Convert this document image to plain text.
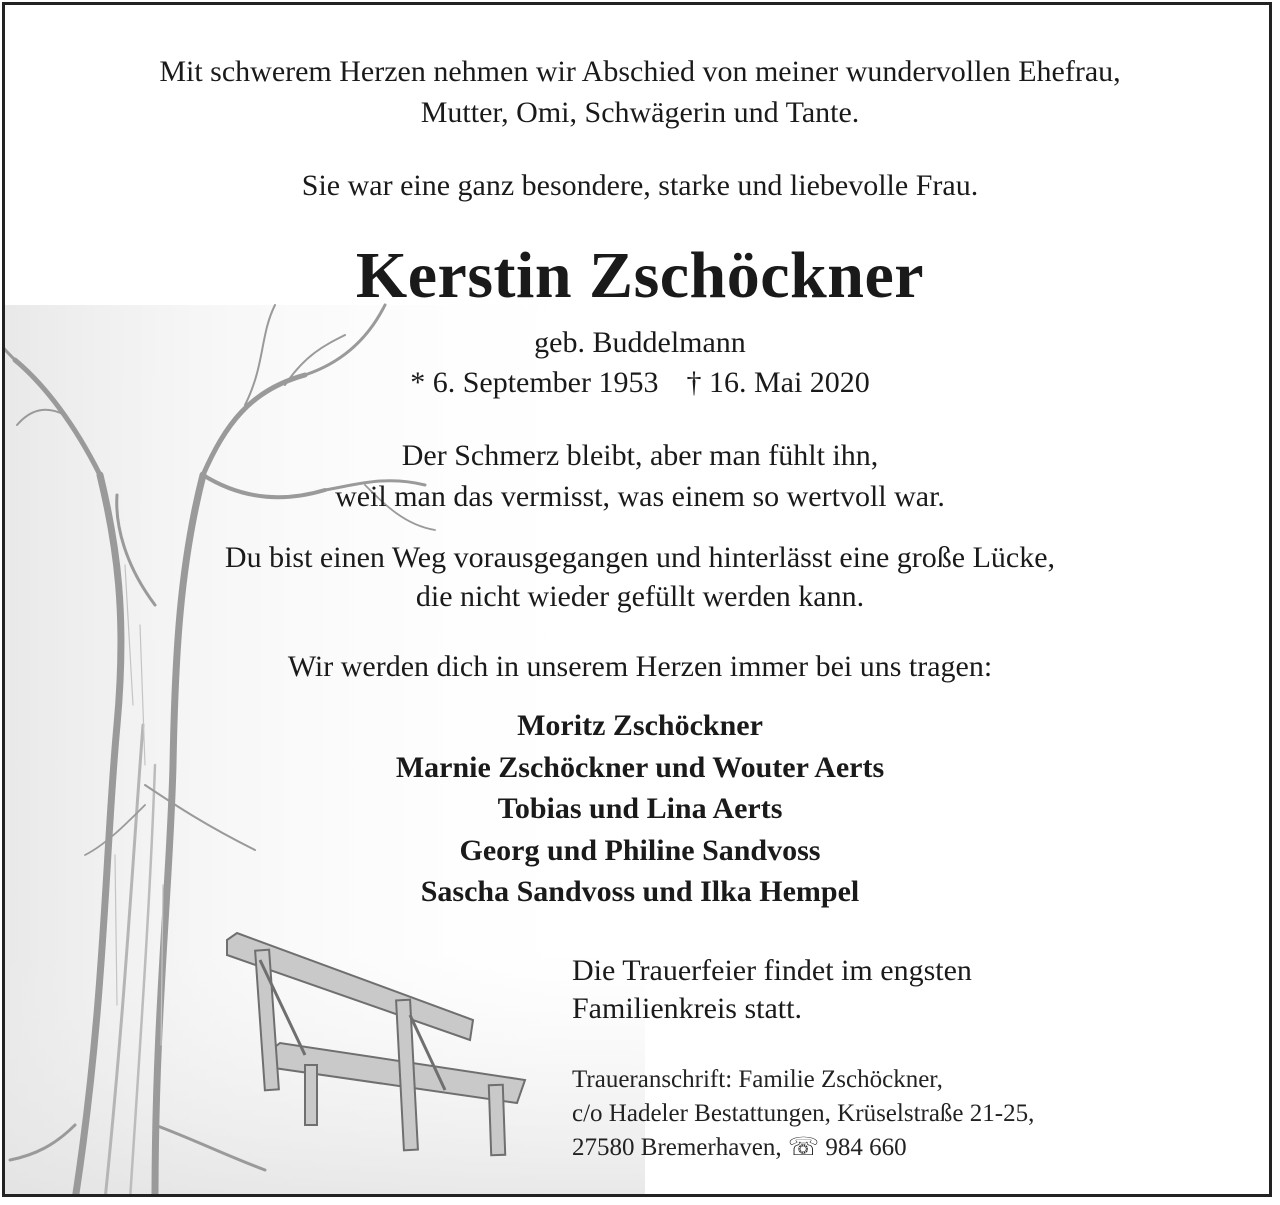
Mit schwerem Herzen nehmen wir Abschied von meiner wundervollen Ehefrau,
Mutter, Omi, Schwägerin und Tante.
Sie war eine ganz besondere, starke und liebevolle Frau.
Kerstin Zschöckner
geb. Buddelmann
* 6. September 1953 † 16. Mai 2020
Der Schmerz bleibt, aber man fühlt ihn,
weil man das vermisst, was einem so wertvoll war.
Du bist einen Weg vorausgegangen und hinterlässt eine große Lücke,
die nicht wieder gefüllt werden kann.
Wir werden dich in unserem Herzen immer bei uns tragen:
Moritz Zschöckner
Marnie Zschöckner und Wouter Aerts
Tobias und Lina Aerts
Georg und Philine Sandvoss
Sascha Sandvoss und Ilka Hempel
Die Trauerfeier findet im engsten
Familienkreis statt.
Traueranschrift: Familie Zschöckner,
c/o Hadeler Bestattungen, Krüselstraße 21-25,
27580 Bremerhaven, ☏ 984 660
